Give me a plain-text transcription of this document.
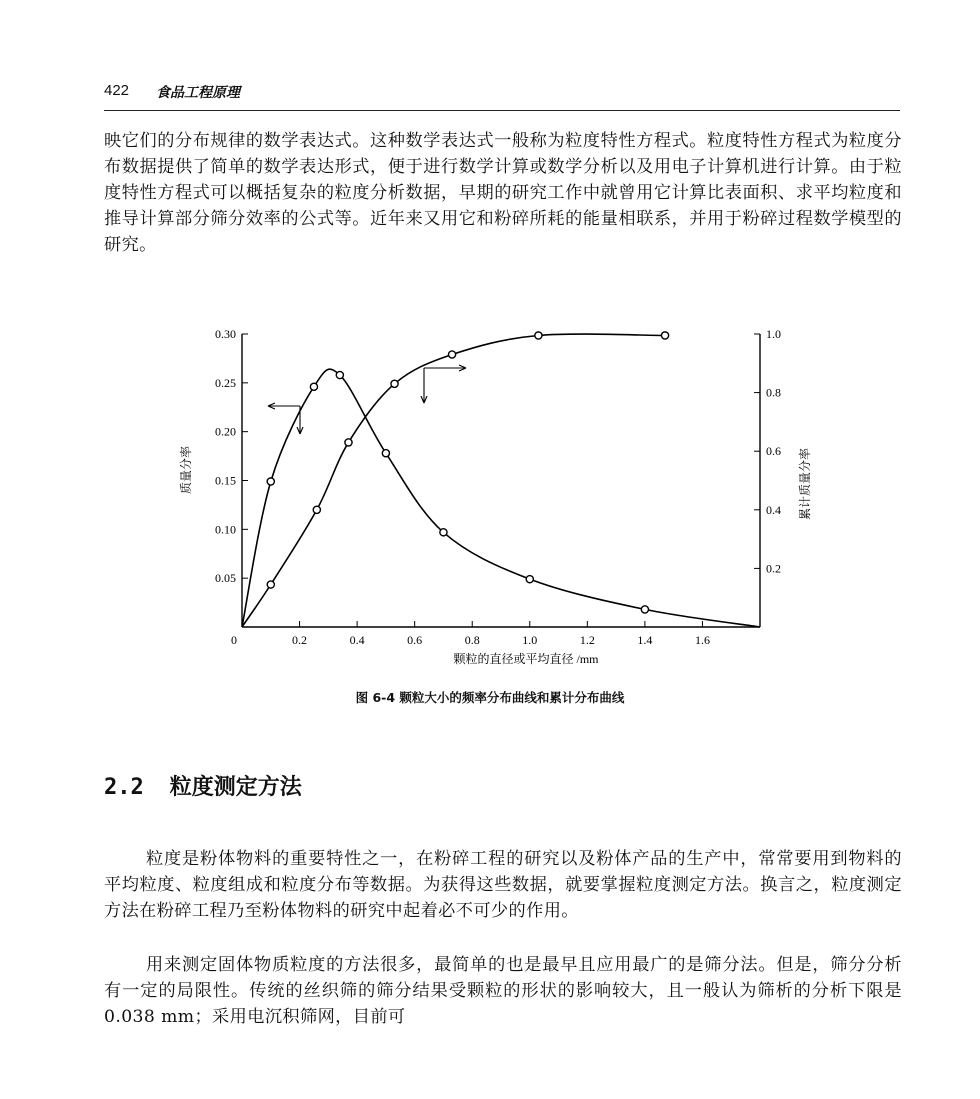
422 食品工程原理

映它们的分布规律的数学表达式。这种数学表达式一般称为粒度特性方程式。粒度特性方程式为粒度分布数据提供了简单的数学表达形式，便于进行数学计算或数学分析以及用电子计算机进行计算。由于粒度特性方程式可以概括复杂的粒度分析数据，早期的研究工作中就曾用它计算比表面积、求平均粒度和推导计算部分筛分效率的公式等。近年来又用它和粉碎所耗的能量相联系，并用于粉碎过程数学模型的研究。

0	0.2	0.4	0.6	0.8	1.0	1.2	1.4	1.6
0.05
0.10
0.15
0.20
0.25
0.30
0.2
0.4
0.6
0.8
1.0
颗粒的直径或平均直径 /mm
质量分率	累计质量分率
图 6-4 颗粒大小的频率分布曲线和累计分布曲线
2.2 粒度测定方法

粒度是粉体物料的重要特性之一，在粉碎工程的研究以及粉体产品的生产中，常常要用到物料的平均粒度、粒度组成和粒度分布等数据。为获得这些数据，就要掌握粒度测定方法。换言之，粒度测定方法在粉碎工程乃至粉体物料的研究中起着必不可少的作用。

用来测定固体物质粒度的方法很多，最简单的也是最早且应用最广的是筛分法。但是，筛分分析有一定的局限性。传统的丝织筛的筛分结果受颗粒的形状的影响较大，且一般认为筛析的分析下限是 0.038 mm；采用电沉积筛网，目前可
